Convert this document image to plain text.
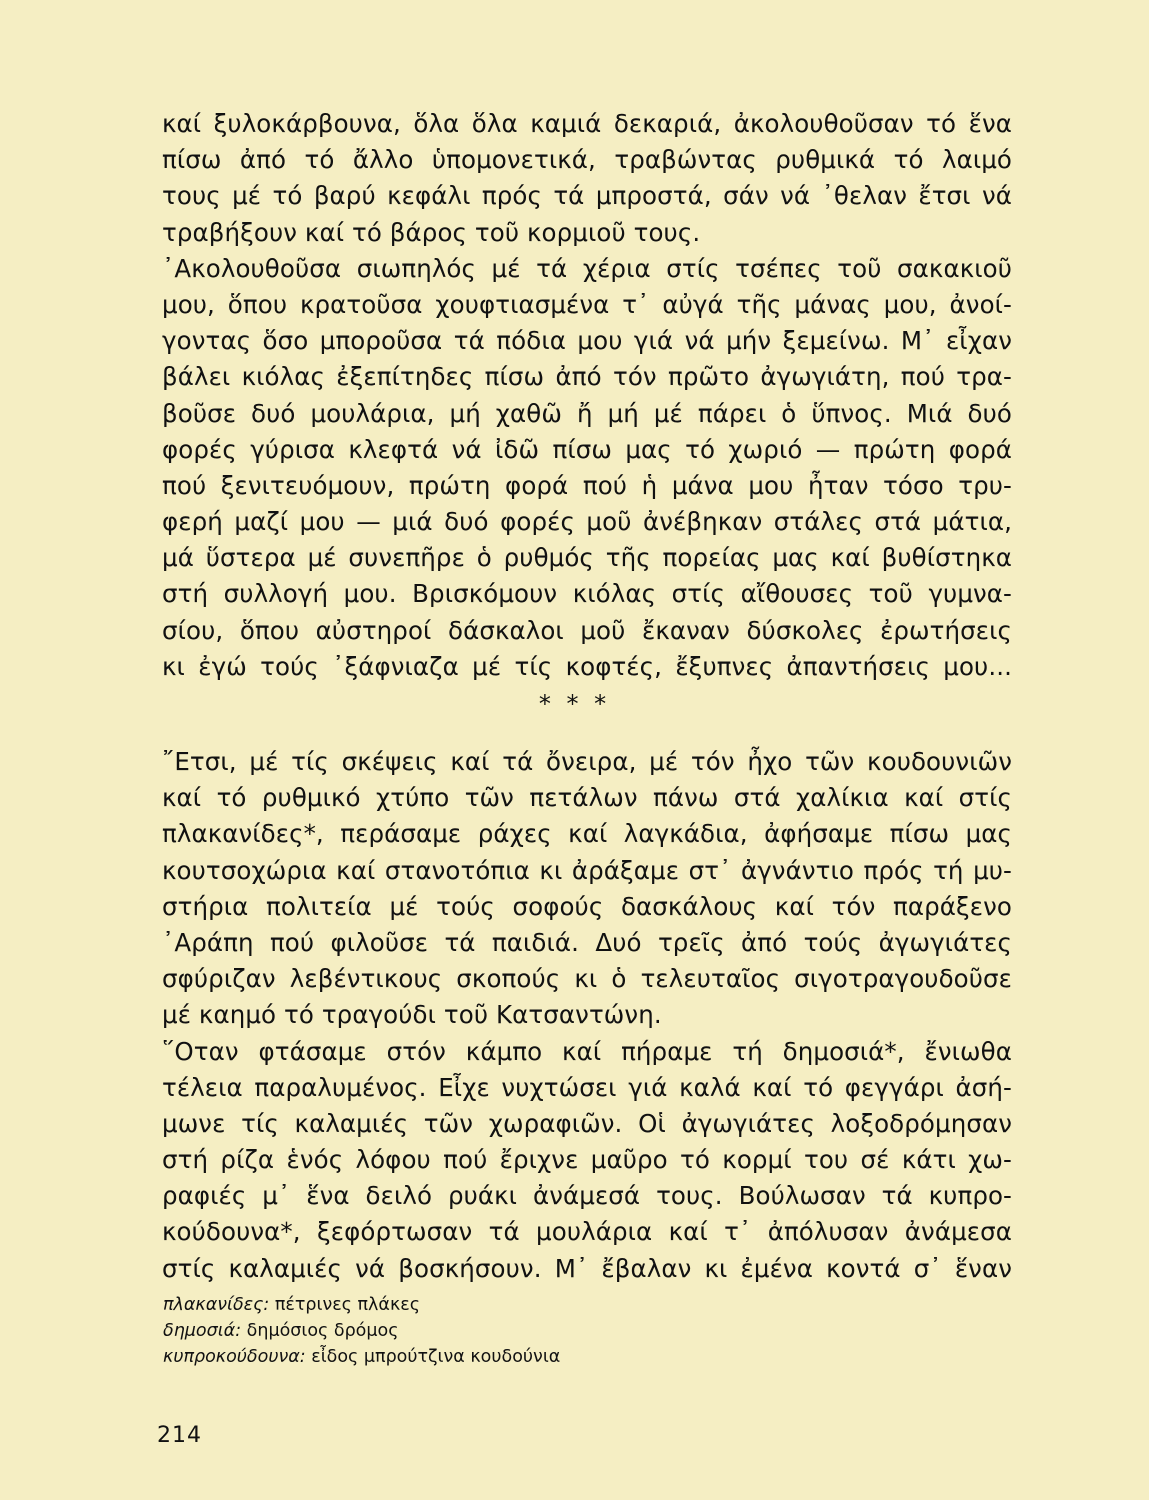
καί ξυλοκάρβουνα, ὅλα ὅλα καμιά δεκαριά, ἀκολουθοῦσαν τό ἕνα
πίσω ἀπό τό ἄλλο ὑπομονετικά, τραβώντας ρυθμικά τό λαιμό
τους μέ τό βαρύ κεφάλι πρός τά μπροστά, σάν νά ᾽θελαν ἔτσι νά
τραβήξουν καί τό βάρος τοῦ κορμιοῦ τους.
᾽Ακολουθοῦσα σιωπηλός μέ τά χέρια στίς τσέπες τοῦ σακακιοῦ
μου, ὅπου κρατοῦσα χουφτιασμένα τ᾽ αὐγά τῆς μάνας μου, ἀνοί-
γοντας ὅσο μποροῦσα τά πόδια μου γιά νά μήν ξεμείνω. Μ᾽ εἶχαν
βάλει κιόλας ἐξεπίτηδες πίσω ἀπό τόν πρῶτο ἀγωγιάτη, πού τρα-
βοῦσε δυό μουλάρια, μή χαθῶ ἤ μή μέ πάρει ὁ ὕπνος. Μιά δυό
φορές γύρισα κλεφτά νά ἰδῶ πίσω μας τό χωριό — πρώτη φορά
πού ξενιτευόμουν, πρώτη φορά πού ἡ μάνα μου ἦταν τόσο τρυ-
φερή μαζί μου — μιά δυό φορές μοῦ ἀνέβηκαν στάλες στά μάτια,
μά ὕστερα μέ συνεπῆρε ὁ ρυθμός τῆς πορείας μας καί βυθίστηκα
στή συλλογή μου. Βρισκόμουν κιόλας στίς αἴθουσες τοῦ γυμνα-
σίου, ὅπου αὐστηροί δάσκαλοι μοῦ ἔκαναν δύσκολες ἐρωτήσεις
κι ἐγώ τούς ᾽ξάφνιαζα μέ τίς κοφτές, ἔξυπνες ἀπαντήσεις μου...
* * *
῎Ετσι, μέ τίς σκέψεις καί τά ὄνειρα, μέ τόν ἦχο τῶν κουδουνιῶν
καί τό ρυθμικό χτύπο τῶν πετάλων πάνω στά χαλίκια καί στίς
πλακανίδες*, περάσαμε ράχες καί λαγκάδια, ἀφήσαμε πίσω μας
κουτσοχώρια καί στανοτόπια κι ἀράξαμε στ᾽ ἀγνάντιο πρός τή μυ-
στήρια πολιτεία μέ τούς σοφούς δασκάλους καί τόν παράξενο
᾽Αράπη πού φιλοῦσε τά παιδιά. Δυό τρεῖς ἀπό τούς ἀγωγιάτες
σφύριζαν λεβέντικους σκοπούς κι ὁ τελευταῖος σιγοτραγουδοῦσε
μέ καημό τό τραγούδι τοῦ Κατσαντώνη.
῞Οταν φτάσαμε στόν κάμπο καί πήραμε τή δημοσιά*, ἔνιωθα
τέλεια παραλυμένος. Εἶχε νυχτώσει γιά καλά καί τό φεγγάρι ἀσή-
μωνε τίς καλαμιές τῶν χωραφιῶν. Οἱ ἀγωγιάτες λοξοδρόμησαν
στή ρίζα ἑνός λόφου πού ἔριχνε μαῦρο τό κορμί του σέ κάτι χω-
ραφιές μ᾽ ἕνα δειλό ρυάκι ἀνάμεσά τους. Βούλωσαν τά κυπρο-
κούδουνα*, ξεφόρτωσαν τά μουλάρια καί τ᾽ ἀπόλυσαν ἀνάμεσα
στίς καλαμιές νά βοσκήσουν. Μ᾽ ἔβαλαν κι ἐμένα κοντά σ᾽ ἕναν
πλακανίδες: πέτρινες πλάκες
δημοσιά: δημόσιος δρόμος
κυπροκούδουνα: εἶδος μπρούτζινα κουδούνια
214
